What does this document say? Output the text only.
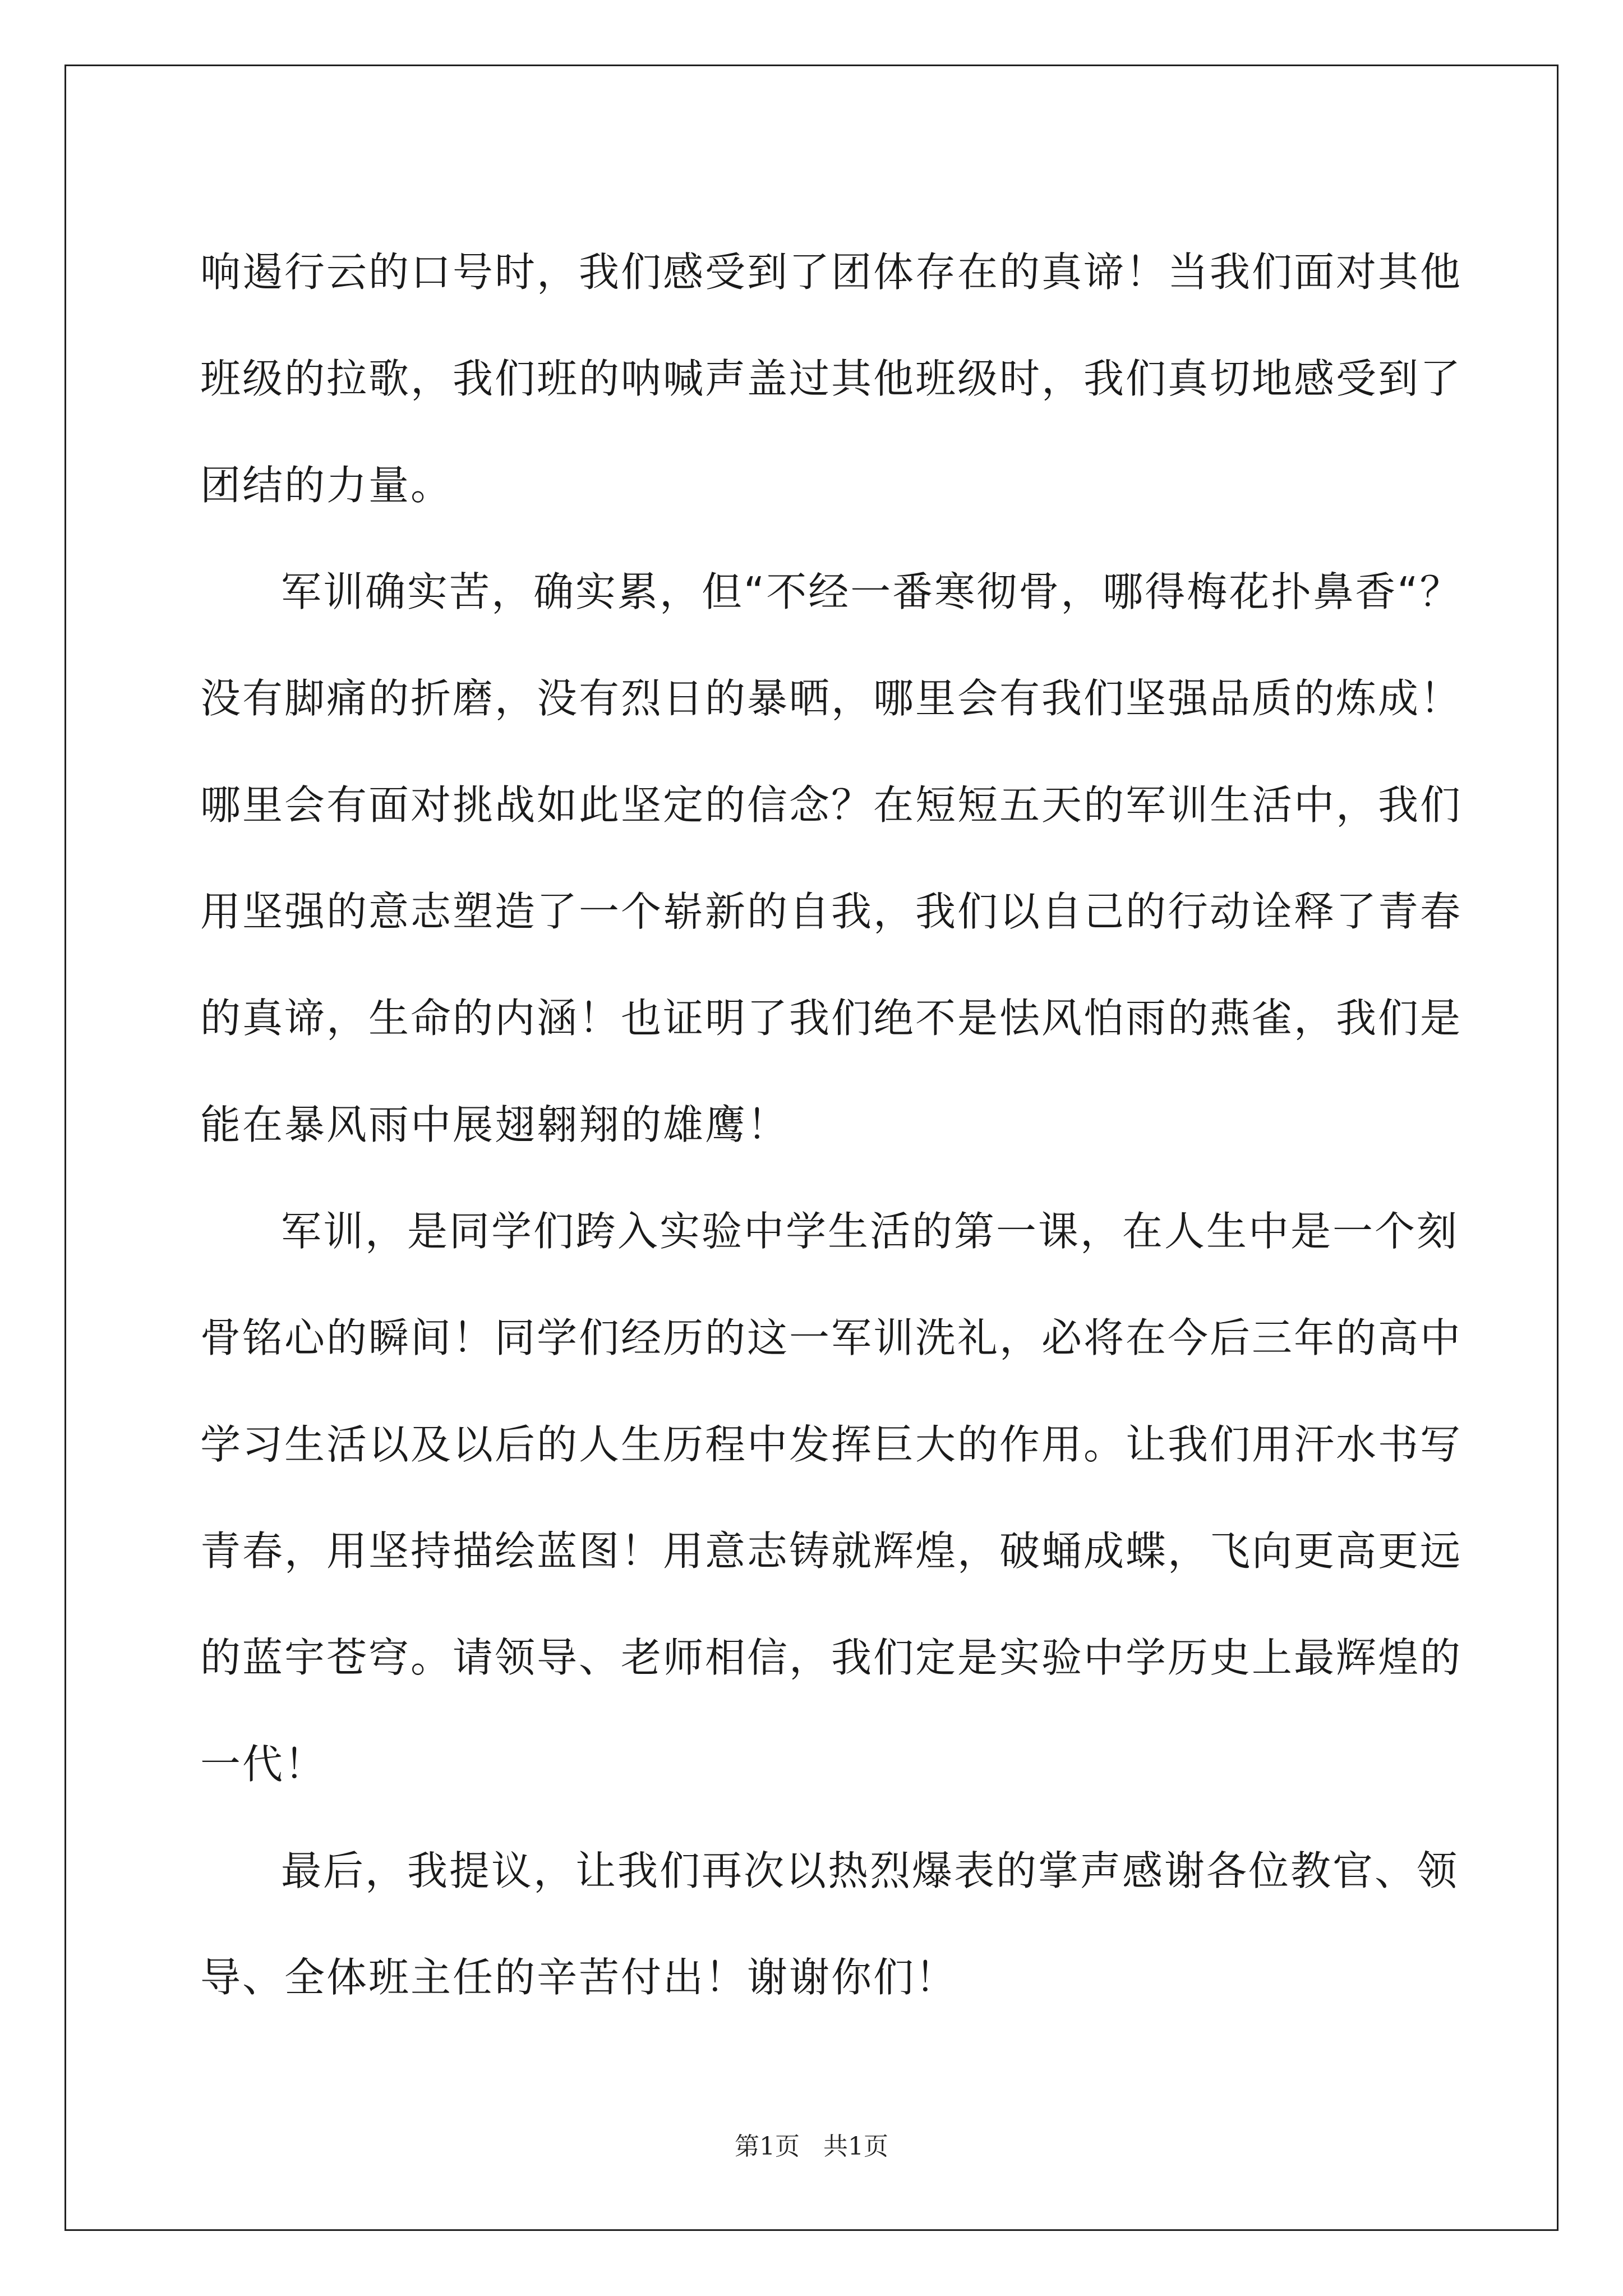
响遏行云的口号时，我们感受到了团体存在的真谛！当我们面对其他
班级的拉歌，我们班的呐喊声盖过其他班级时，我们真切地感受到了
团结的力量。
军训确实苦，确实累，但“不经一番寒彻骨，哪得梅花扑鼻香“？
没有脚痛的折磨，没有烈日的暴晒，哪里会有我们坚强品质的炼成！
哪里会有面对挑战如此坚定的信念？在短短五天的军训生活中，我们
用坚强的意志塑造了一个崭新的自我，我们以自己的行动诠释了青春
的真谛，生命的内涵！也证明了我们绝不是怯风怕雨的燕雀，我们是
能在暴风雨中展翅翱翔的雄鹰！
军训，是同学们跨入实验中学生活的第一课，在人生中是一个刻
骨铭心的瞬间！同学们经历的这一军训洗礼，必将在今后三年的高中
学习生活以及以后的人生历程中发挥巨大的作用。让我们用汗水书写
青春，用坚持描绘蓝图！用意志铸就辉煌，破蛹成蝶，飞向更高更远
的蓝宇苍穹。请领导、老师相信，我们定是实验中学历史上最辉煌的
一代！
最后，我提议，让我们再次以热烈爆表的掌声感谢各位教官、领
导、全体班主任的辛苦付出！谢谢你们！
第1页   共1页
